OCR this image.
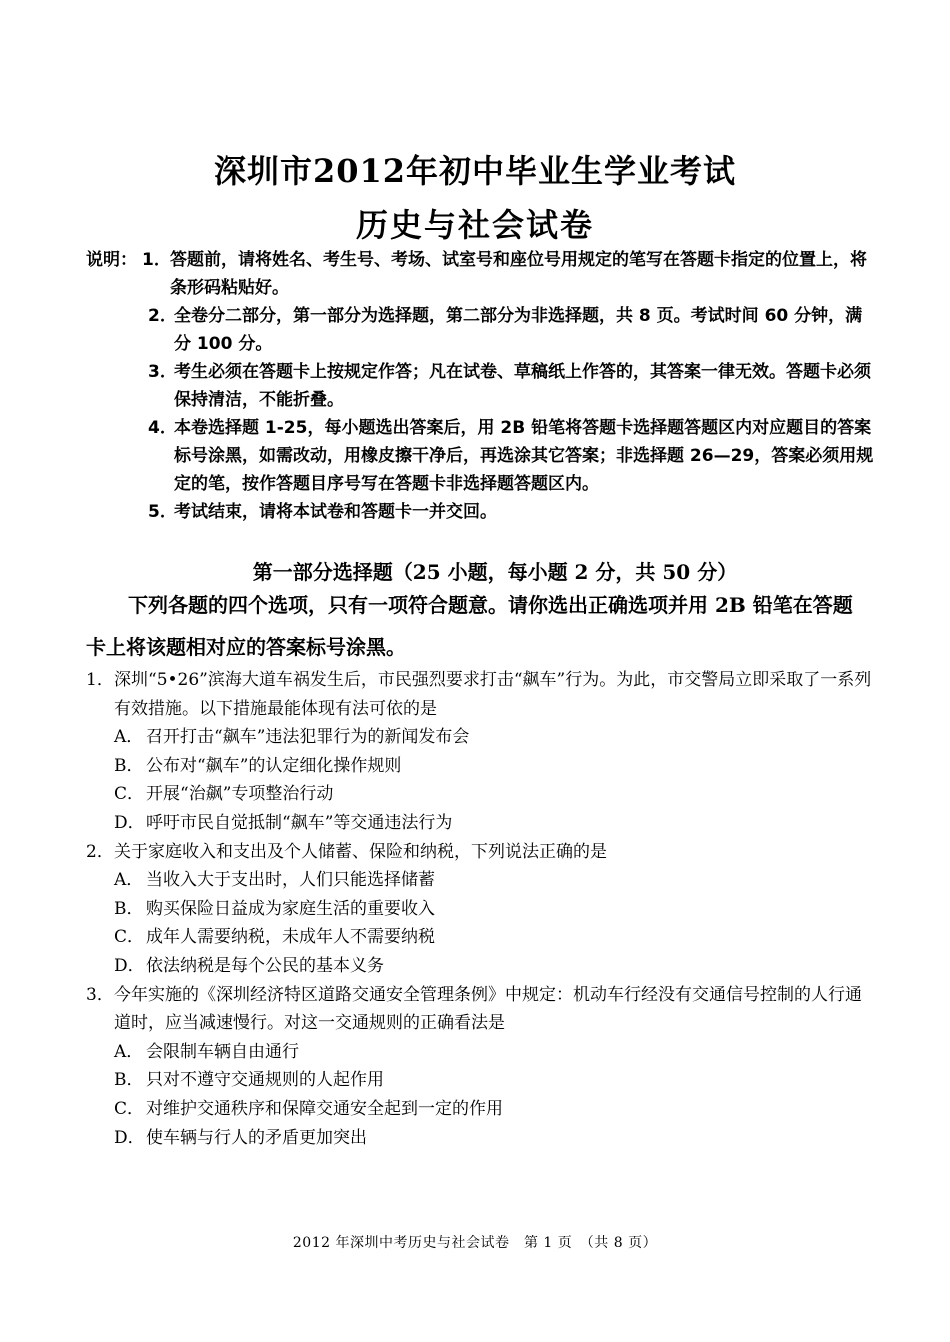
深圳市2012年初中毕业生学业考试
历史与社会试卷
说明： 1． 答题前，请将姓名、考生号、考场、试室号和座位号用规定的笔写在答题卡指定的位置上，将条形码粘贴好。
2．
全卷分二部分，第一部分为选择题，第二部分为非选择题，共 8 页。考试时间 60 分钟，满分 100 分。
3．
考生必须在答题卡上按规定作答；凡在试卷、草稿纸上作答的，其答案一律无效。答题卡必须保持清洁，不能折叠。
4．
本卷选择题 1-25，每小题选出答案后，用 2B 铅笔将答题卡选择题答题区内对应题目的答案标号涂黑，如需改动，用橡皮擦干净后，再选涂其它答案；非选择题 26—29，答案必须用规定的笔，按作答题目序号写在答题卡非选择题答题区内。
5．
考试结束，请将本试卷和答题卡一并交回。
第一部分选择题（25 小题，每小题 2 分，共 50 分）
下列各题的四个选项，只有一项符合题意。请你选出正确选项并用 2B 铅笔在答题卡上将该题相对应的答案标号涂黑。
1． 深圳“5•26”滨海大道车祸发生后，市民强烈要求打击“飙车”行为。为此，市交警局立即采取了一系列有效措施。以下措施最能体现有法可依的是
A． 召开打击“飙车”违法犯罪行为的新闻发布会
B． 公布对“飙车”的认定细化操作规则
C． 开展“治飙”专项整治行动
D．呼吁市民自觉抵制“飙车”等交通违法行为
2． 关于家庭收入和支出及个人储蓄、保险和纳税，下列说法正确的是
A． 当收入大于支出时，人们只能选择储蓄
B． 购买保险日益成为家庭生活的重要收入
C． 成年人需要纳税，未成年人不需要纳税
D．依法纳税是每个公民的基本义务
3． 今年实施的《深圳经济特区道路交通安全管理条例》中规定：机动车行经没有交通信号控制的人行通道时，应当减速慢行。对这一交通规则的正确看法是
A． 会限制车辆自由通行
B． 只对不遵守交通规则的人起作用
C． 对维护交通秩序和保障交通安全起到一定的作用
D．使车辆与行人的矛盾更加突出
2012 年深圳中考历史与社会试卷　第 1 页　（共 8 页）
